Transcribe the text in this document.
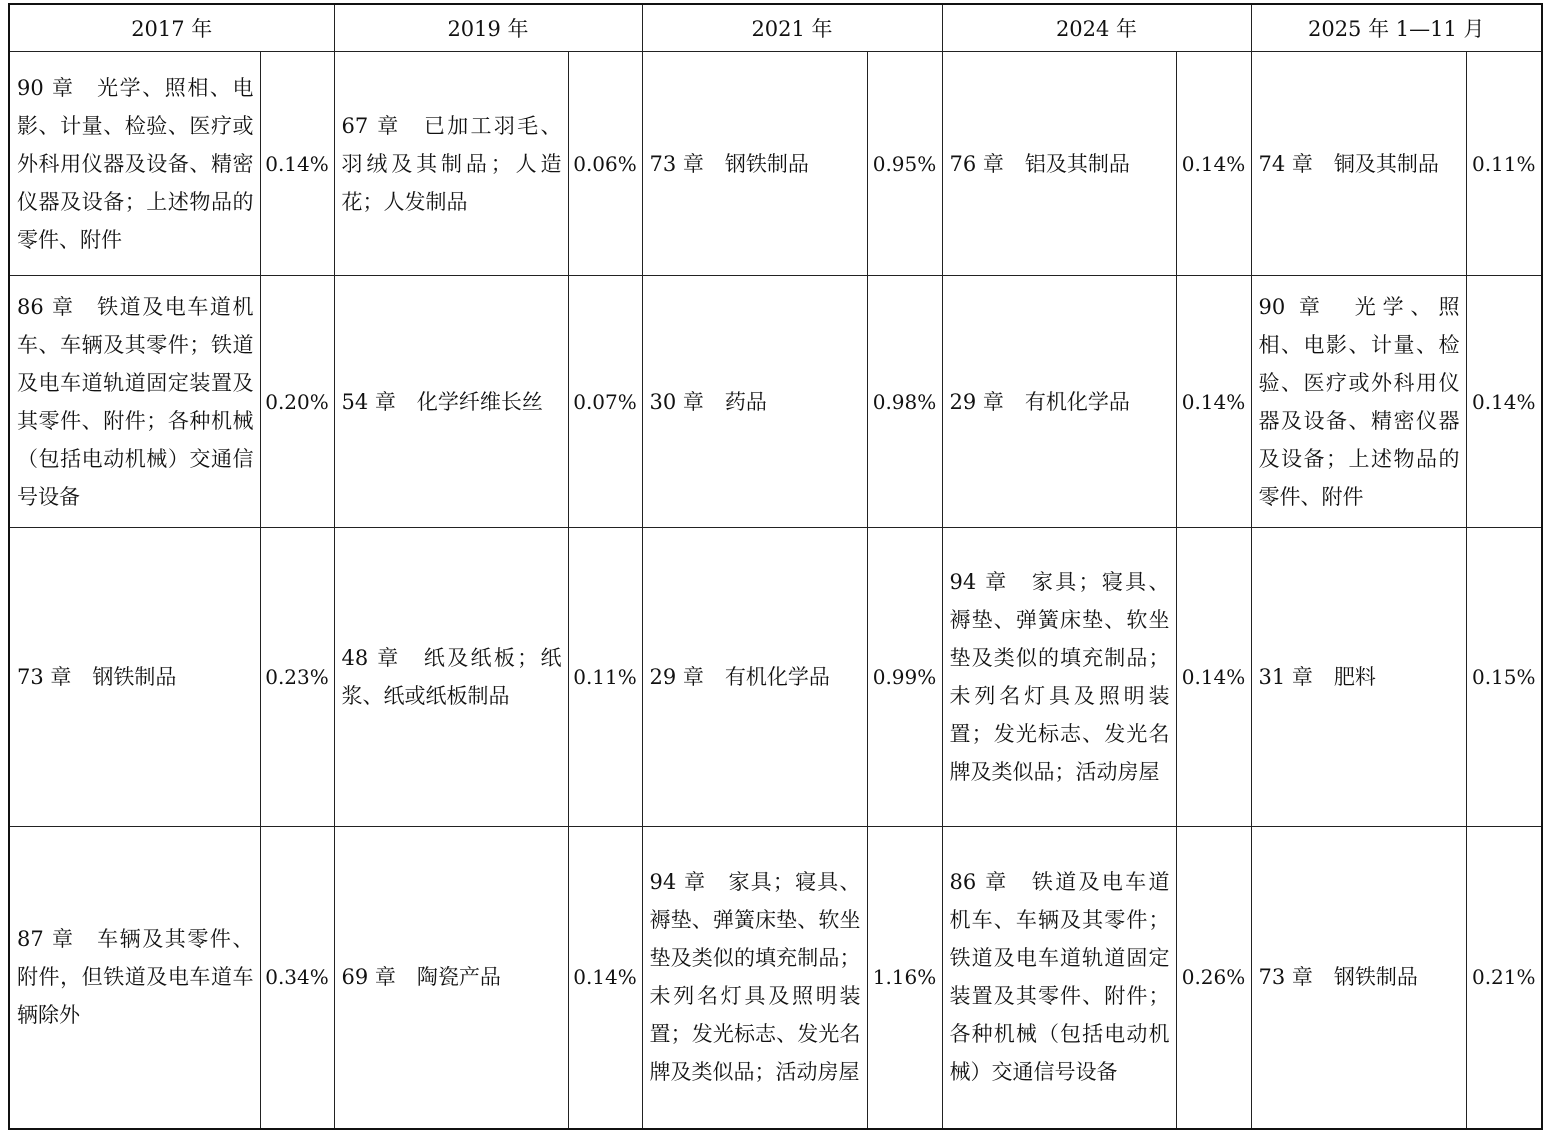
2017 年		2019 年		2021 年		2024 年		2025 年 1—11 月	
90 章　光学、照相、电影、计量、检验、医疗或外科用仪器及设备、精密仪器及设备；上述物品的零件、附件	0.14%	67 章　已加工羽毛、羽绒及其制品；人造花；人发制品	0.06%	73 章　钢铁制品	0.95%	76 章　铝及其制品	0.14%	74 章　铜及其制品	0.11%
86 章　铁道及电车道机车、车辆及其零件；铁道及电车道轨道固定装置及其零件、附件；各种机械（包括电动机械）交通信号设备	0.20%	54 章　化学纤维长丝	0.07%	30 章　药品	0.98%	29 章　有机化学品	0.14%	90 章　光学、照相、电影、计量、检验、医疗或外科用仪器及设备、精密仪器及设备；上述物品的零件、附件	0.14%
73 章　钢铁制品	0.23%	48 章　纸及纸板；纸浆、纸或纸板制品	0.11%	29 章　有机化学品	0.99%	94 章　家具；寝具、褥垫、弹簧床垫、软坐垫及类似的填充制品；未列名灯具及照明装置；发光标志、发光名牌及类似品；活动房屋	0.14%	31 章　肥料	0.15%
87 章　车辆及其零件、附件，但铁道及电车道车辆除外	0.34%	69 章　陶瓷产品	0.14%	94 章　家具；寝具、褥垫、弹簧床垫、软坐垫及类似的填充制品；未列名灯具及照明装置；发光标志、发光名牌及类似品；活动房屋	1.16%	86 章　铁道及电车道机车、车辆及其零件；铁道及电车道轨道固定装置及其零件、附件；各种机械（包括电动机械）交通信号设备	0.26%	73 章　钢铁制品	0.21%
